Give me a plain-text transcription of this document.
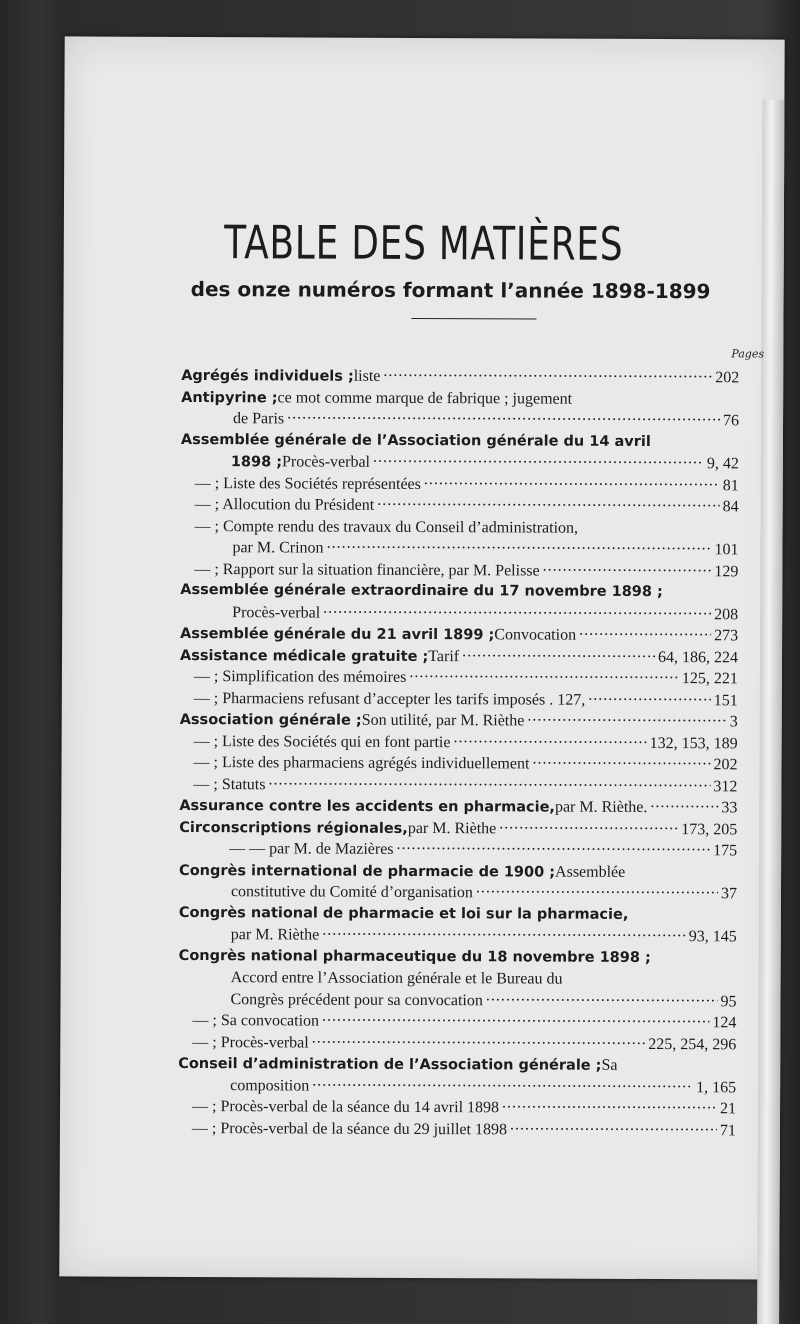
TABLE DES MATIÈRES
des onze numéros formant l’année 1898-1899
Pages
Agrégés individuels ; liste .....	202
Antipyrine ; ce mot comme marque de fabrique ; jugement
de Paris .....	76
Assemblée générale de l’Association générale du 14 avril
1898 ; Procès-verbal .....	9, 42
— ; Liste des Sociétés représentées .....	81
— ; Allocution du Président .....	84
— ; Compte rendu des travaux du Conseil d’administration,
par M. Crinon .....	101
— ; Rapport sur la situation financière, par M. Pelisse .....	129
Assemblée générale extraordinaire du 17 novembre 1898 ;
Procès-verbal .....	208
Assemblée générale du 21 avril 1899 ; Convocation .....	273
Assistance médicale gratuite ; Tarif .....	64, 186, 224
— ; Simplification des mémoires .....	125, 221
— ; Pharmaciens refusant d’accepter les tarifs imposés . 127, .....	151
Association générale ; Son utilité, par M. Rièthe .....	3
— ; Liste des Sociétés qui en font partie .....	132, 153, 189
— ; Liste des pharmaciens agrégés individuellement .....	202
— ; Statuts .....	312
Assurance contre les accidents en pharmacie, par M. Rièthe. .....	33
Circonscriptions régionales, par M. Rièthe .....	173, 205
— — par M. de Mazières .....	175
Congrès international de pharmacie de 1900 ; Assemblée
constitutive du Comité d’organisation .....	37
Congrès national de pharmacie et loi sur la pharmacie,
par M. Rièthe .....	93, 145
Congrès national pharmaceutique du 18 novembre 1898 ;
Accord entre l’Association générale et le Bureau du
Congrès précédent pour sa convocation .....	95
— ; Sa convocation .....	124
— ; Procès-verbal .....	225, 254, 296
Conseil d’administration de l’Association générale ; Sa
composition .....	1, 165
— ; Procès-verbal de la séance du 14 avril 1898 .....	21
— ; Procès-verbal de la séance du 29 juillet 1898 .....	71
